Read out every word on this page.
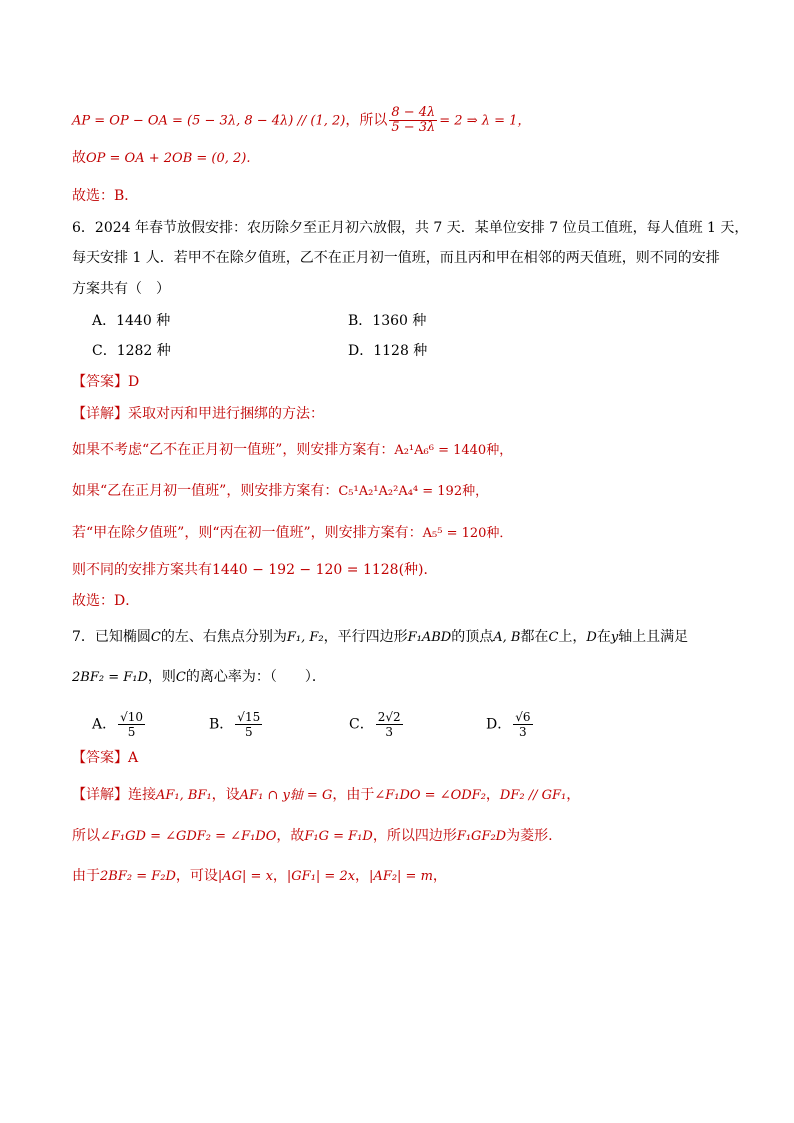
AP = OP − OA = (5 − 3λ, 8 − 4λ) // (1, 2)，所以 $\frac{8 - 4\lambda}{5 - 3\lambda} = 2$ ⇒ λ = 1，
故OP = OA + 2OB = (0, 2).
故选：B．
6．2024 年春节放假安排：农历除夕至正月初六放假，共 7 天．某单位安排 7 位员工值班，每人值班 1 天，
每天安排 1 人．若甲不在除夕值班，乙不在正月初一值班，而且丙和甲在相邻的两天值班，则不同的安排
方案共有（　）
A．1440 种	B．1360 种
C．1282 种	D．1128 种
【答案】D
【详解】采取对丙和甲进行捆绑的方法：
如果不考虑“乙不在正月初一值班”，则安排方案有：A₂¹A₆⁶ = 1440种，
如果“乙在正月初一值班”，则安排方案有：C₅¹A₂¹A₂²A₄⁴ = 192种，
若“甲在除夕值班”，则“丙在初一值班”，则安排方案有：A₅⁵ = 120种．
则不同的安排方案共有1440 − 192 − 120 = 1128(种)．
故选：D．
7．已知椭圆C的左、右焦点分别为F₁, F₂，平行四边形F₁ABD的顶点A, B都在C上，D在y轴上且满足
2BF₂ = F₁D，则C的离心率为：（　　）．
A． $\frac{√10}{5}$	B． $\frac{√15}{5}$	C． $\frac{2√2}{3}$	D． $\frac{√6}{3}$
【答案】A
【详解】连接AF₁, BF₁，设AF₁ ∩ y轴 = G，由于∠F₁DO = ∠ODF₂，DF₂ // GF₁，
所以∠F₁GD = ∠GDF₂ = ∠F₁DO，故F₁G = F₁D，所以四边形F₁GF₂D为菱形.
由于2BF₂ = F₂D，可设|AG| = x，|GF₁| = 2x，|AF₂| = m，
